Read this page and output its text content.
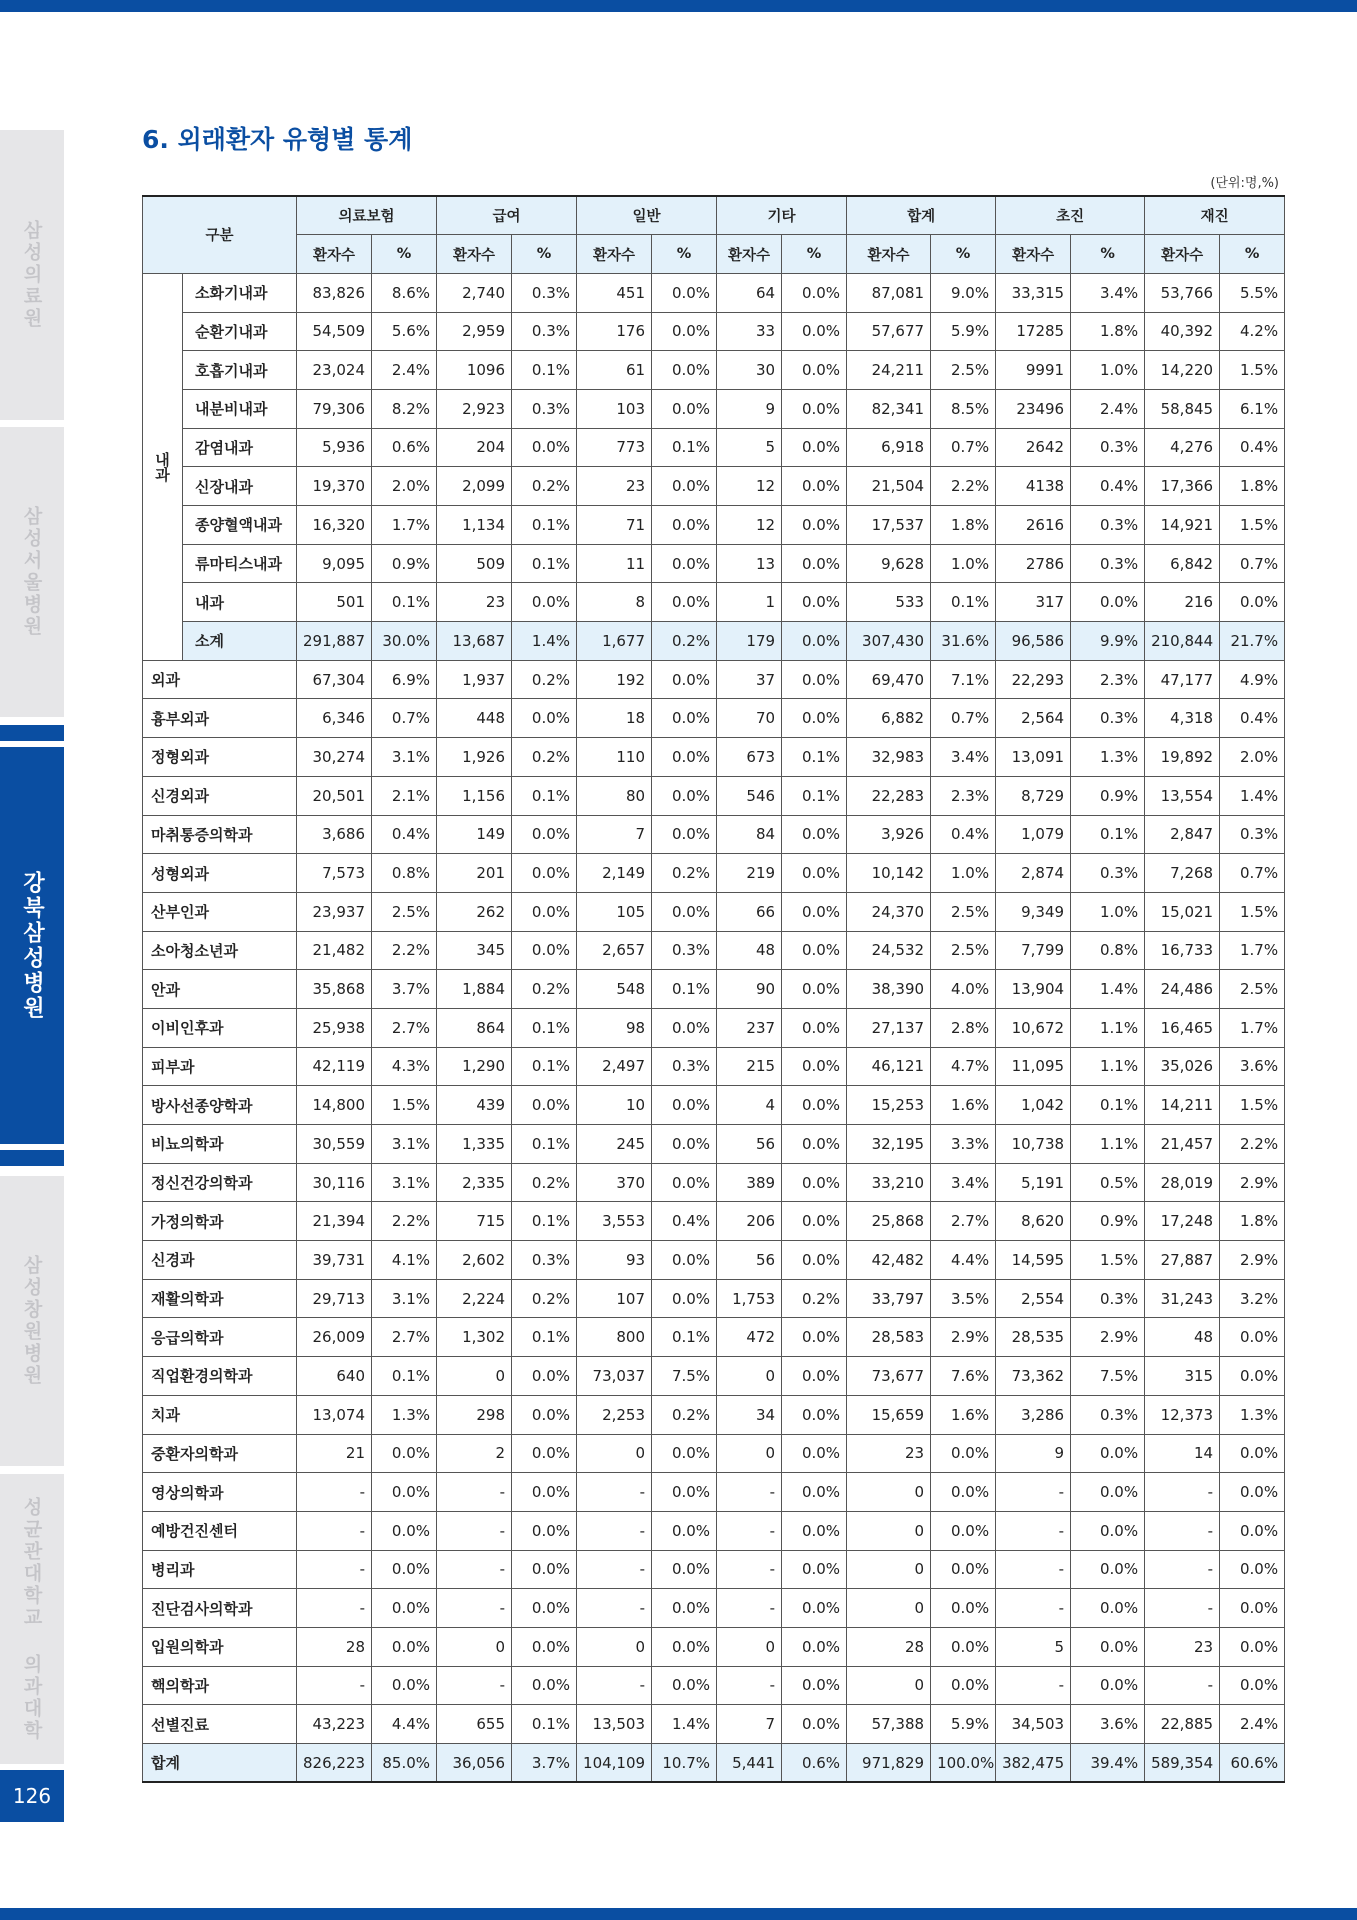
삼성의료원
삼성서울병원
강북삼성병원
삼성창원병원
성균관대학교 의과대학
126
6. 외래환자 유형별 통계
(단위:명,%)
구분		의료보험		급여		일반		기타		합계		초진		재진	
		환자수	%	환자수	%	환자수	%	환자수	%	환자수	%	환자수	%	환자수	%
내과	소화기내과	83,826	8.6%	2,740	0.3%	451	0.0%	64	0.0%	87,081	9.0%	33,315	3.4%	53,766	5.5%
	순환기내과	54,509	5.6%	2,959	0.3%	176	0.0%	33	0.0%	57,677	5.9%	17285	1.8%	40,392	4.2%
	호흡기내과	23,024	2.4%	1096	0.1%	61	0.0%	30	0.0%	24,211	2.5%	9991	1.0%	14,220	1.5%
	내분비내과	79,306	8.2%	2,923	0.3%	103	0.0%	9	0.0%	82,341	8.5%	23496	2.4%	58,845	6.1%
	감염내과	5,936	0.6%	204	0.0%	773	0.1%	5	0.0%	6,918	0.7%	2642	0.3%	4,276	0.4%
	신장내과	19,370	2.0%	2,099	0.2%	23	0.0%	12	0.0%	21,504	2.2%	4138	0.4%	17,366	1.8%
	종양혈액내과	16,320	1.7%	1,134	0.1%	71	0.0%	12	0.0%	17,537	1.8%	2616	0.3%	14,921	1.5%
	류마티스내과	9,095	0.9%	509	0.1%	11	0.0%	13	0.0%	9,628	1.0%	2786	0.3%	6,842	0.7%
	내과	501	0.1%	23	0.0%	8	0.0%	1	0.0%	533	0.1%	317	0.0%	216	0.0%
	소계	291,887	30.0%	13,687	1.4%	1,677	0.2%	179	0.0%	307,430	31.6%	96,586	9.9%	210,844	21.7%
외과		67,304	6.9%	1,937	0.2%	192	0.0%	37	0.0%	69,470	7.1%	22,293	2.3%	47,177	4.9%
흉부외과		6,346	0.7%	448	0.0%	18	0.0%	70	0.0%	6,882	0.7%	2,564	0.3%	4,318	0.4%
정형외과		30,274	3.1%	1,926	0.2%	110	0.0%	673	0.1%	32,983	3.4%	13,091	1.3%	19,892	2.0%
신경외과		20,501	2.1%	1,156	0.1%	80	0.0%	546	0.1%	22,283	2.3%	8,729	0.9%	13,554	1.4%
마취통증의학과		3,686	0.4%	149	0.0%	7	0.0%	84	0.0%	3,926	0.4%	1,079	0.1%	2,847	0.3%
성형외과		7,573	0.8%	201	0.0%	2,149	0.2%	219	0.0%	10,142	1.0%	2,874	0.3%	7,268	0.7%
산부인과		23,937	2.5%	262	0.0%	105	0.0%	66	0.0%	24,370	2.5%	9,349	1.0%	15,021	1.5%
소아청소년과		21,482	2.2%	345	0.0%	2,657	0.3%	48	0.0%	24,532	2.5%	7,799	0.8%	16,733	1.7%
안과		35,868	3.7%	1,884	0.2%	548	0.1%	90	0.0%	38,390	4.0%	13,904	1.4%	24,486	2.5%
이비인후과		25,938	2.7%	864	0.1%	98	0.0%	237	0.0%	27,137	2.8%	10,672	1.1%	16,465	1.7%
피부과		42,119	4.3%	1,290	0.1%	2,497	0.3%	215	0.0%	46,121	4.7%	11,095	1.1%	35,026	3.6%
방사선종양학과		14,800	1.5%	439	0.0%	10	0.0%	4	0.0%	15,253	1.6%	1,042	0.1%	14,211	1.5%
비뇨의학과		30,559	3.1%	1,335	0.1%	245	0.0%	56	0.0%	32,195	3.3%	10,738	1.1%	21,457	2.2%
정신건강의학과		30,116	3.1%	2,335	0.2%	370	0.0%	389	0.0%	33,210	3.4%	5,191	0.5%	28,019	2.9%
가정의학과		21,394	2.2%	715	0.1%	3,553	0.4%	206	0.0%	25,868	2.7%	8,620	0.9%	17,248	1.8%
신경과		39,731	4.1%	2,602	0.3%	93	0.0%	56	0.0%	42,482	4.4%	14,595	1.5%	27,887	2.9%
재활의학과		29,713	3.1%	2,224	0.2%	107	0.0%	1,753	0.2%	33,797	3.5%	2,554	0.3%	31,243	3.2%
응급의학과		26,009	2.7%	1,302	0.1%	800	0.1%	472	0.0%	28,583	2.9%	28,535	2.9%	48	0.0%
직업환경의학과		640	0.1%	0	0.0%	73,037	7.5%	0	0.0%	73,677	7.6%	73,362	7.5%	315	0.0%
치과		13,074	1.3%	298	0.0%	2,253	0.2%	34	0.0%	15,659	1.6%	3,286	0.3%	12,373	1.3%
중환자의학과		21	0.0%	2	0.0%	0	0.0%	0	0.0%	23	0.0%	9	0.0%	14	0.0%
영상의학과		-	0.0%	-	0.0%	-	0.0%	-	0.0%	0	0.0%	-	0.0%	-	0.0%
예방건진센터		-	0.0%	-	0.0%	-	0.0%	-	0.0%	0	0.0%	-	0.0%	-	0.0%
병리과		-	0.0%	-	0.0%	-	0.0%	-	0.0%	0	0.0%	-	0.0%	-	0.0%
진단검사의학과		-	0.0%	-	0.0%	-	0.0%	-	0.0%	0	0.0%	-	0.0%	-	0.0%
입원의학과		28	0.0%	0	0.0%	0	0.0%	0	0.0%	28	0.0%	5	0.0%	23	0.0%
핵의학과		-	0.0%	-	0.0%	-	0.0%	-	0.0%	0	0.0%	-	0.0%	-	0.0%
선별진료		43,223	4.4%	655	0.1%	13,503	1.4%	7	0.0%	57,388	5.9%	34,503	3.6%	22,885	2.4%
합계		826,223	85.0%	36,056	3.7%	104,109	10.7%	5,441	0.6%	971,829	100.0%	382,475	39.4%	589,354	60.6%
